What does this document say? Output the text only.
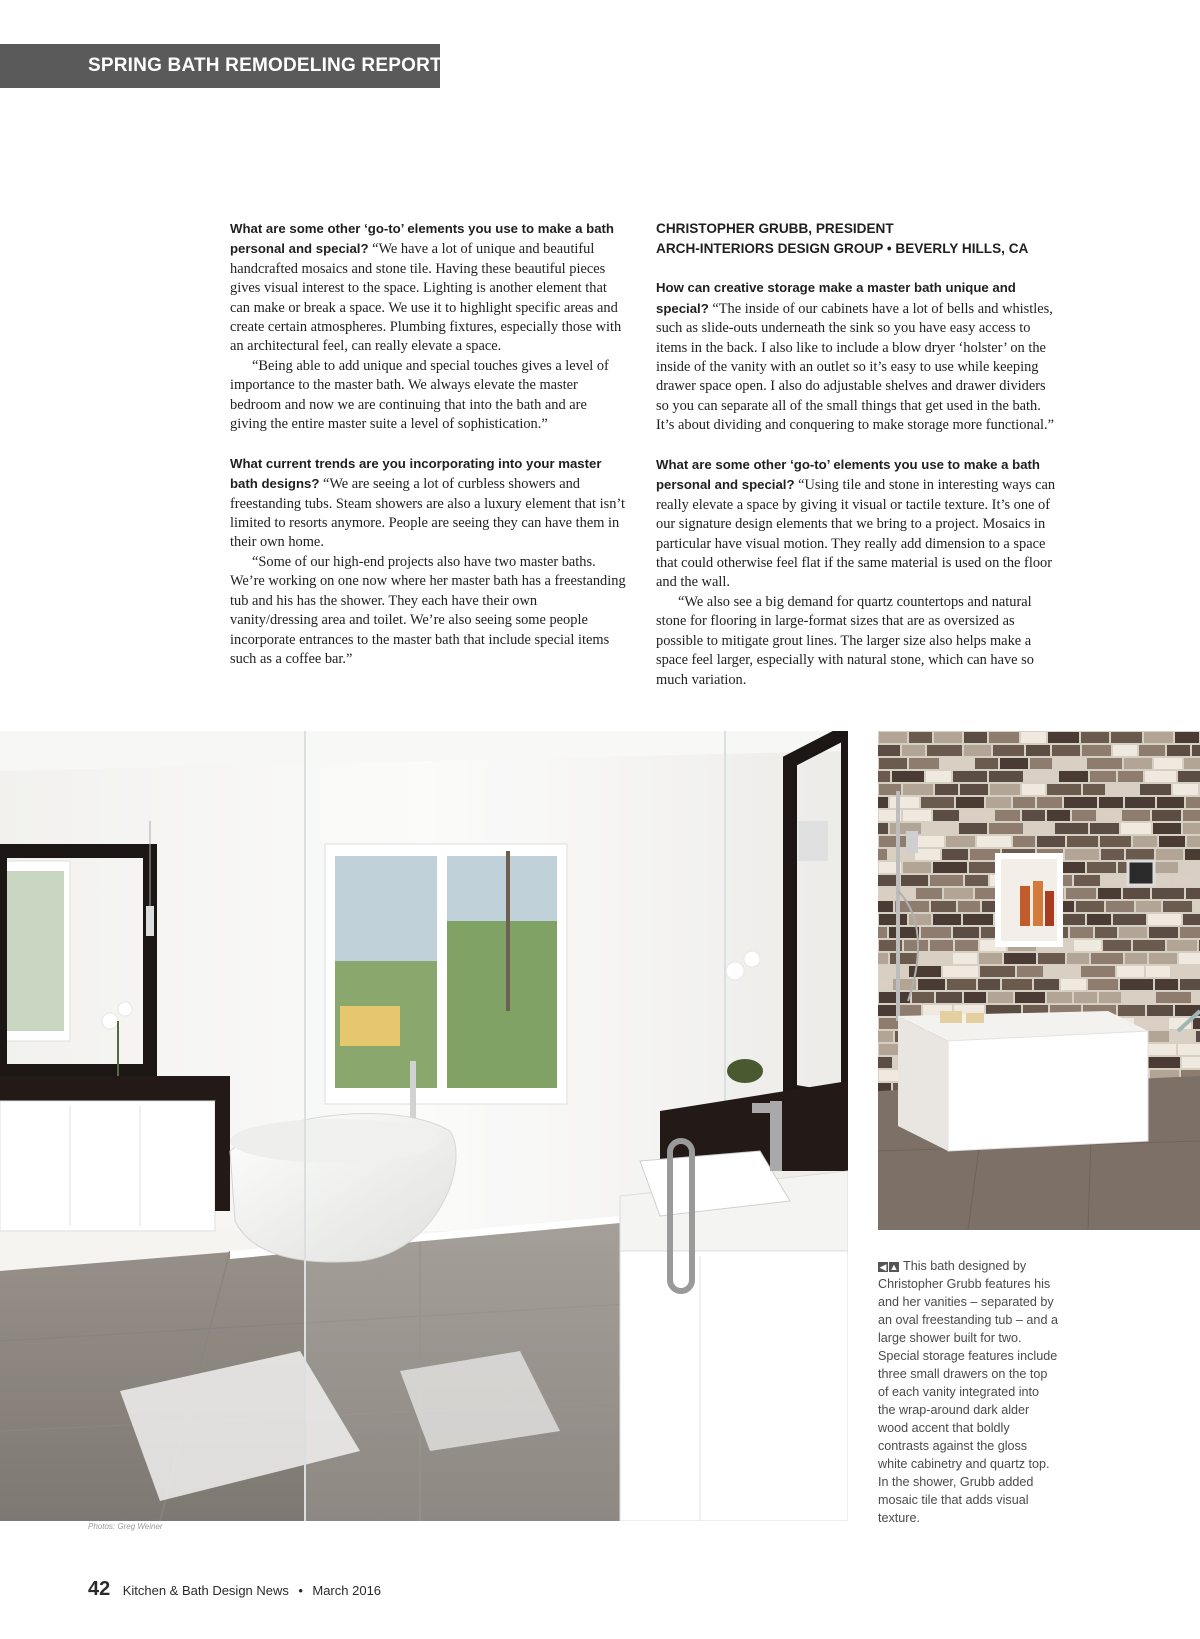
SPRING BATH REMODELING REPORT

What are some other ‘go-to’ elements you use to make a bath personal and special? “We have a lot of unique and beautiful handcrafted mosaics and stone tile. Having these beautiful pieces gives visual interest to the space. Lighting is another element that can make or break a space. We use it to highlight specific areas and create certain atmospheres. Plumbing fixtures, especially those with an architectural feel, can really elevate a space.

“Being able to add unique and special touches gives a level of importance to the master bath. We always elevate the master bedroom and now we are continuing that into the bath and are giving the entire master suite a level of sophistication.”

What current trends are you incorporating into your master bath designs? “We are seeing a lot of curbless showers and freestanding tubs. Steam showers are also a luxury element that isn’t limited to resorts anymore. People are seeing they can have them in their own home.

“Some of our high-end projects also have two master baths. We’re working on one now where her master bath has a freestanding tub and his has the shower. They each have their own vanity/dressing area and toilet. We’re also seeing some people incorporate entrances to the master bath that include special items such as a coffee bar.”

CHRISTOPHER GRUBB, PRESIDENT

ARCH-INTERIORS DESIGN GROUP • BEVERLY HILLS, CA

How can creative storage make a master bath unique and special? “The inside of our cabinets have a lot of bells and whistles, such as slide-outs underneath the sink so you have easy access to items in the back. I also like to include a blow dryer ‘holster’ on the inside of the vanity with an outlet so it’s easy to use while keeping drawer space open. I also do adjustable shelves and drawer dividers so you can separate all of the small things that get used in the bath. It’s about dividing and conquering to make storage more functional.”

What are some other ‘go-to’ elements you use to make a bath personal and special? “Using tile and stone in interesting ways can really elevate a space by giving it visual or tactile texture. It’s one of our signature design elements that we bring to a project. Mosaics in particular have visual motion. They really add dimension to a space that could otherwise feel flat if the same material is used on the floor and the wall.

“We also see a big demand for quartz countertops and natural stone for flooring in large-format sizes that are as oversized as possible to mitigate grout lines. The larger size also helps make a space feel larger, especially with natural stone, which can have so much variation.

◀ ▲ This bath designed by Christopher Grubb features his and her vanities – separated by an oval freestanding tub – and a large shower built for two. Special storage features include three small drawers on the top of each vanity integrated into the wrap-around dark alder wood accent that boldly contrasts against the gloss white cabinetry and quartz top. In the shower, Grubb added mosaic tile that adds visual texture.
Photos: Greg Weiner
42 Kitchen & Bath Design News • March 2016
